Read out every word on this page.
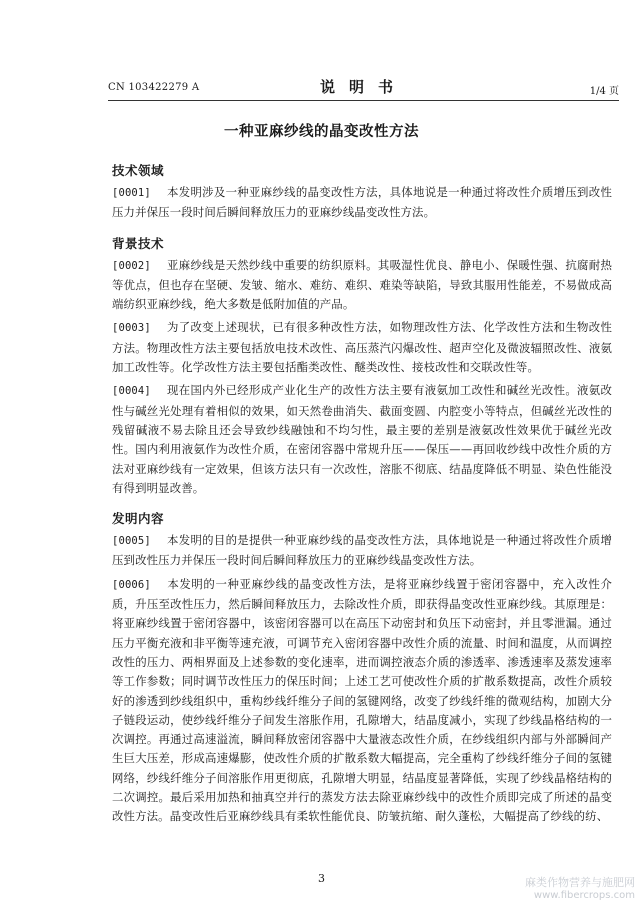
CN 103422279 A	说明书	1/4 页
一种亚麻纱线的晶变改性方法
技术领域

[0001] 本发明涉及一种亚麻纱线的晶变改性方法，具体地说是一种通过将改性介质增压到改性压力并保压一段时间后瞬间释放压力的亚麻纱线晶变改性方法。

背景技术

[0002] 亚麻纱线是天然纱线中重要的纺织原料。其吸湿性优良、静电小、保暖性强、抗腐耐热等优点，但也存在坚硬、发皱、缩水、难纺、难织、难染等缺陷，导致其服用性能差，不易做成高端纺织亚麻纱线，绝大多数是低附加值的产品。

[0003] 为了改变上述现状，已有很多种改性方法，如物理改性方法、化学改性方法和生物改性方法。物理改性方法主要包括放电技术改性、高压蒸汽闪爆改性、超声空化及微波辐照改性、液氨加工改性等。化学改性方法主要包括酯类改性、醚类改性、接枝改性和交联改性等。

[0004] 现在国内外已经形成产业化生产的改性方法主要有液氨加工改性和碱丝光改性。液氨改性与碱丝光处理有着相似的效果，如天然卷曲消失、截面变圆、内腔变小等特点，但碱丝光改性的残留碱液不易去除且还会导致纱线融蚀和不均匀性，最主要的差别是液氨改性效果优于碱丝光改性。国内利用液氨作为改性介质，在密闭容器中常规升压——保压——再回收纱线中改性介质的方法对亚麻纱线有一定效果，但该方法只有一次改性，溶胀不彻底、结晶度降低不明显、染色性能没有得到明显改善。

发明内容

[0005] 本发明的目的是提供一种亚麻纱线的晶变改性方法，具体地说是一种通过将改性介质增压到改性压力并保压一段时间后瞬间释放压力的亚麻纱线晶变改性方法。

[0006] 本发明的一种亚麻纱线的晶变改性方法，是将亚麻纱线置于密闭容器中，充入改性介质，升压至改性压力，然后瞬间释放压力，去除改性介质，即获得晶变改性亚麻纱线。其原理是：将亚麻纱线置于密闭容器中，该密闭容器可以在高压下动密封和负压下动密封，并且零泄漏。通过压力平衡充液和非平衡等速充液，可调节充入密闭容器中改性介质的流量、时间和温度，从而调控改性的压力、两相界面及上述参数的变化速率，进而调控液态介质的渗透率、渗透速率及蒸发速率等工作参数；同时调节改性压力的保压时间；上述工艺可使改性介质的扩散系数提高，改性介质较好的渗透到纱线组织中，重构纱线纤维分子间的氢键网络，改变了纱线纤维的微观结构，加剧大分子链段运动，使纱线纤维分子间发生溶胀作用，孔隙增大，结晶度减小，实现了纱线晶格结构的一次调控。再通过高速溢流，瞬间释放密闭容器中大量液态改性介质，在纱线组织内部与外部瞬间产生巨大压差，形成高速爆膨，使改性介质的扩散系数大幅提高，完全重构了纱线纤维分子间的氢键网络，纱线纤维分子间溶胀作用更彻底，孔隙增大明显，结晶度显著降低，实现了纱线晶格结构的二次调控。最后采用加热和抽真空并行的蒸发方法去除亚麻纱线中的改性介质即完成了所述的晶变改性方法。晶变改性后亚麻纱线具有柔软性能优良、防皱抗缩、耐久蓬松，大幅提高了纱线的纺、

3	麻类作物营养与施肥网
www.fibercrops.com
